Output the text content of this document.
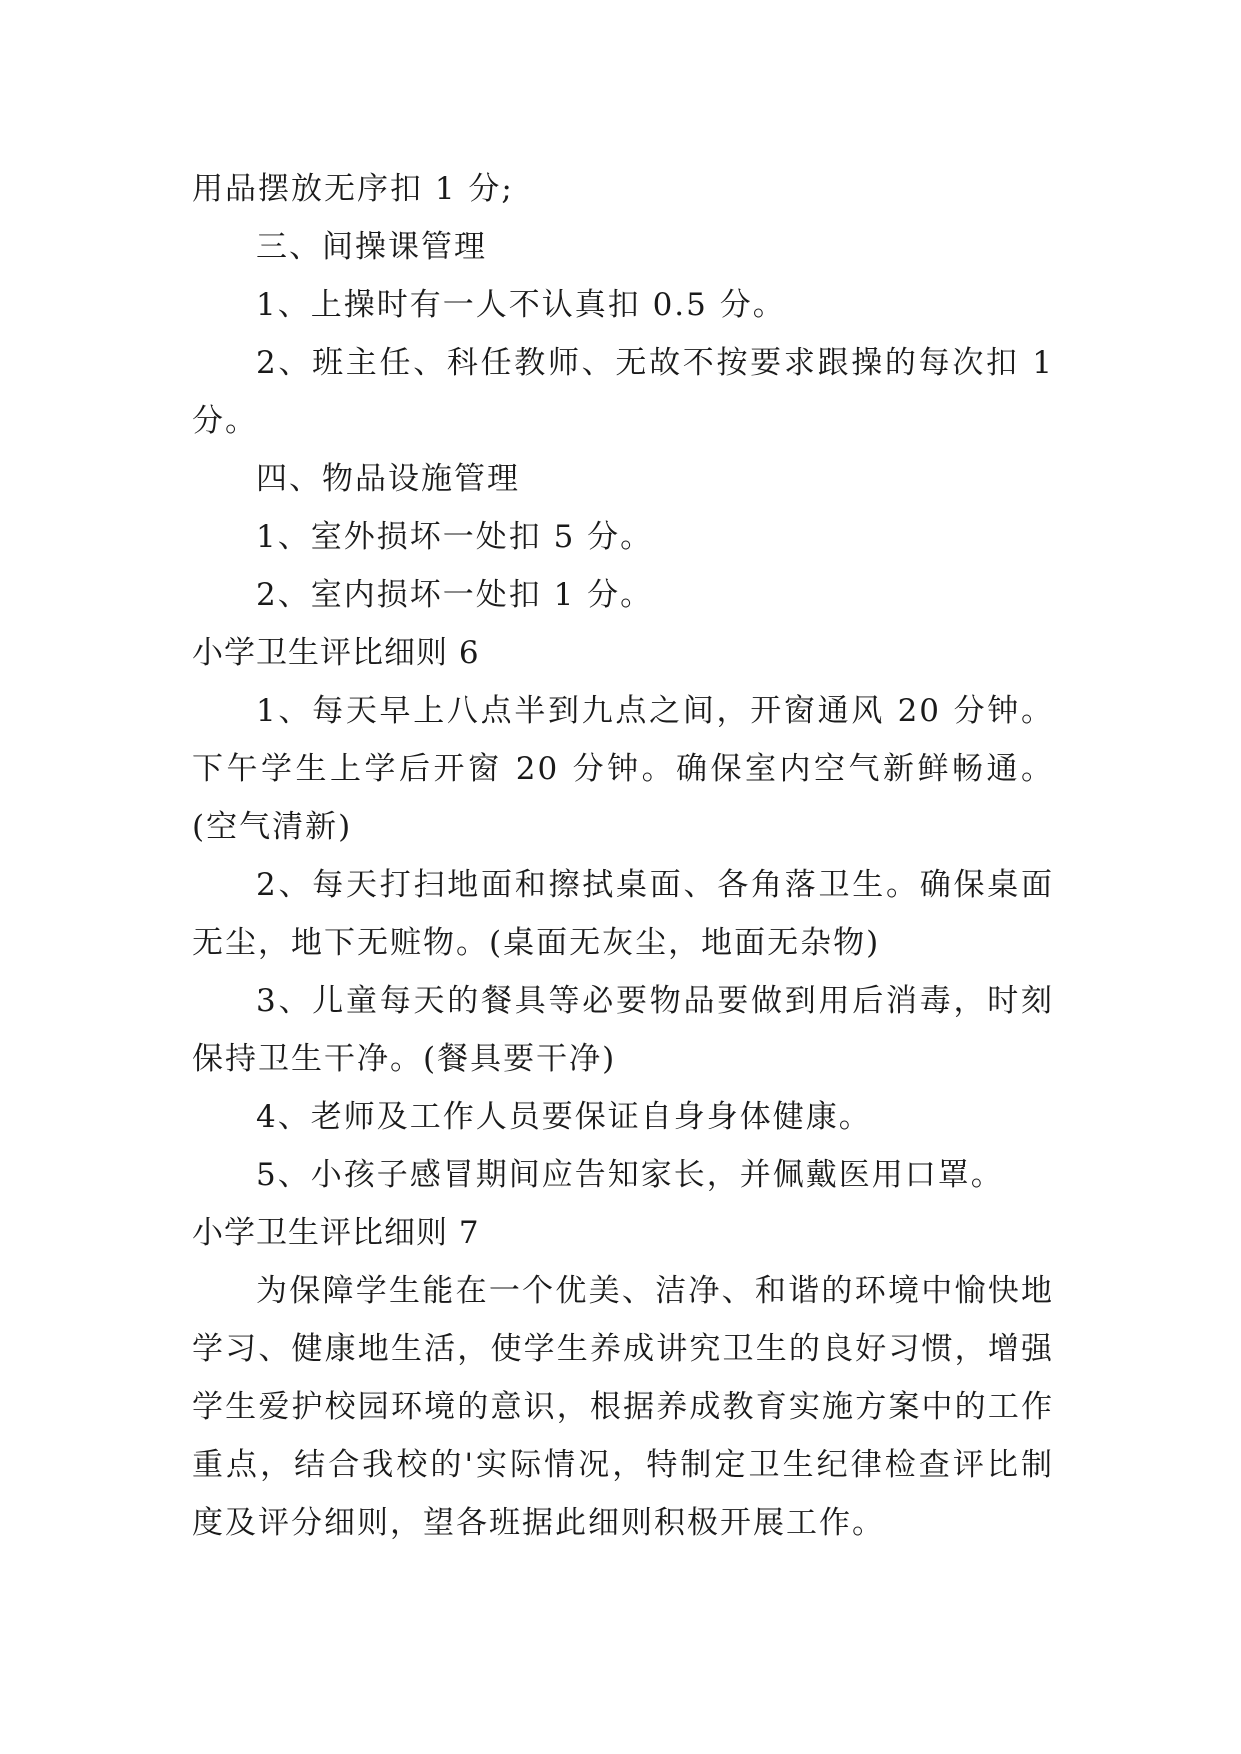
用品摆放无序扣 1 分;

三、间操课管理

1、上操时有一人不认真扣 0.5 分。

2、班主任、科任教师、无故不按要求跟操的每次扣 1 分。

四、物品设施管理

1、室外损坏一处扣 5 分。

2、室内损坏一处扣 1 分。

小学卫生评比细则 6

1、每天早上八点半到九点之间，开窗通风 20 分钟。下午学生上学后开窗 20 分钟。确保室内空气新鲜畅通。(空气清新)

2、每天打扫地面和擦拭桌面、各角落卫生。确保桌面无尘，地下无赃物。(桌面无灰尘，地面无杂物)

3、儿童每天的餐具等必要物品要做到用后消毒，时刻保持卫生干净。(餐具要干净)

4、老师及工作人员要保证自身身体健康。

5、小孩子感冒期间应告知家长，并佩戴医用口罩。

小学卫生评比细则 7

为保障学生能在一个优美、洁净、和谐的环境中愉快地学习、健康地生活，使学生养成讲究卫生的良好习惯，增强学生爱护校园环境的意识，根据养成教育实施方案中的工作重点，结合我校的'实际情况，特制定卫生纪律检查评比制度及评分细则，望各班据此细则积极开展工作。
